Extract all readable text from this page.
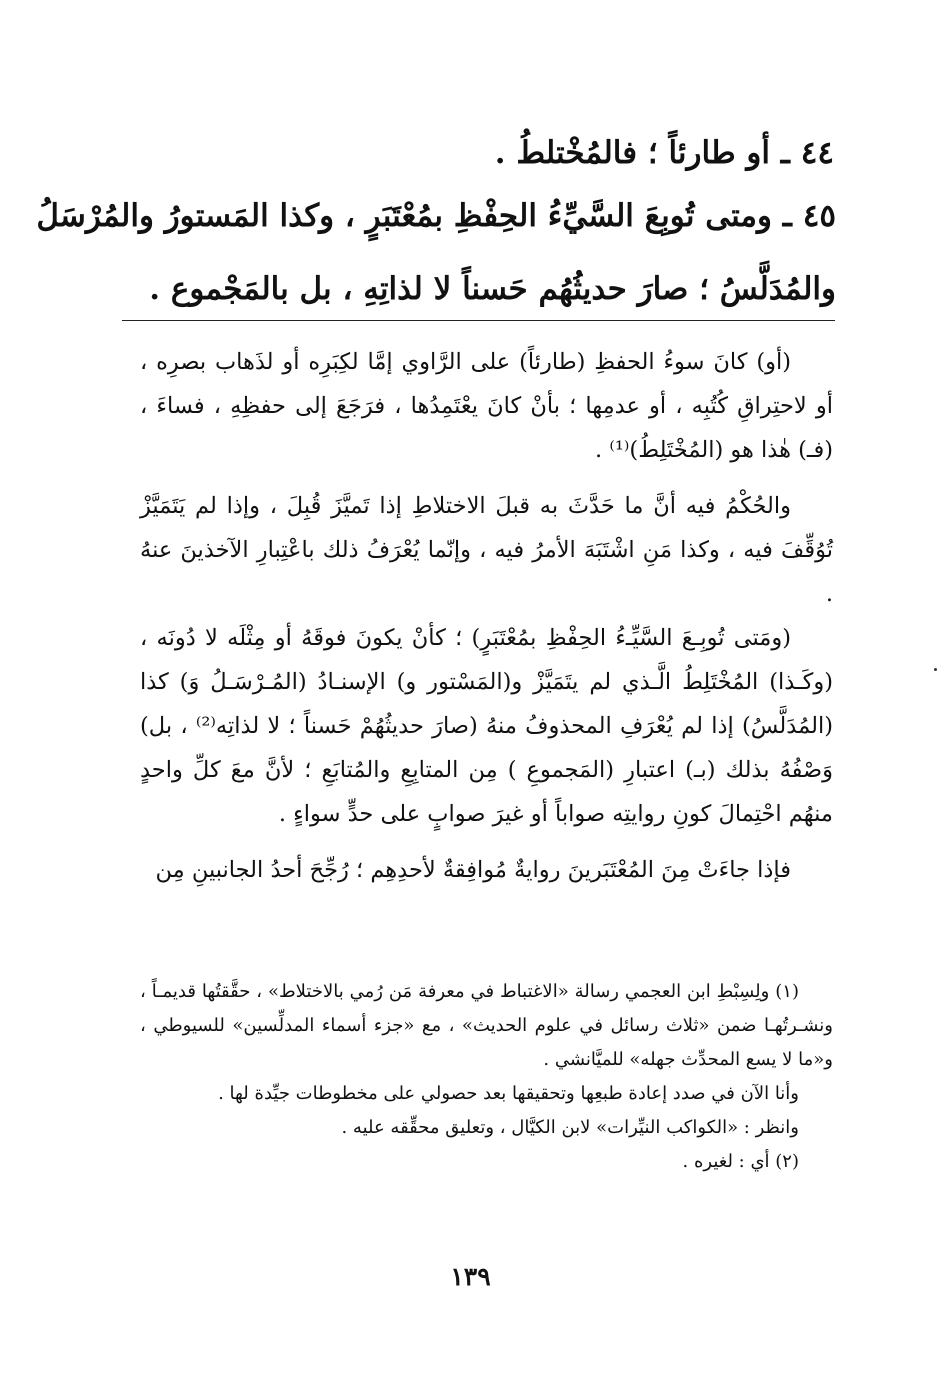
٤٤ ـ أو طارئاً ؛ فالمُخْتلطُ .
٤٥ ـ ومتى تُوبِعَ السَّيِّءُ الحِفْظِ بمُعْتَبَرٍ ، وكذا المَستورُ والمُرْسَلُ
والمُدَلَّسُ ؛ صارَ حديثُهُم حَسناً لا لذاتِهِ ، بل بالمَجْموع .

(أو) كانَ سوءُ الحفظِ (طارئاً) على الرَّاوي إمَّا لكِبَرِه أو لذَهاب بصرِه ، أو لاحتِراقِ كُتُبِه ، أو عدمِها ؛ بأنْ كانَ يعْتَمِدُها ، فرَجَعَ إلى حفظِهِ ، فساءَ ، (فـ) هٰذا هو (المُخْتَلِطُ)⁽¹⁾ .

والحُكْمُ فيه أنَّ ما حَدَّثَ به قبلَ الاختلاطِ إذا تَميَّزَ قُبِلَ ، وإذا لم يَتَمَيَّزْ تُوُقِّفَ فيه ، وكذا مَنِ اشْتَبَهَ الأمرُ فيه ، وإنّما يُعْرَفُ ذلك باعْتِبارِ الآخذينَ عنهُ .

(ومَتى تُوبِـعَ السَّيِّـءُ الحِفْظِ بمُعْتَبَرٍ) ؛ كأنْ يكونَ فوقَهُ أو مِثْلَه لا دُونَه ، (وكَـذا) المُخْتَلِطُ الَّـذي لم يتَمَيَّزْ و(المَسْتور و) الإسنـادُ (المُـرْسَـلُ وَ) كذا (المُدَلَّسُ) إذا لم يُعْرَفِ المحذوفُ منهُ (صارَ حديثُهُمْ حَسناً ؛ لا لذاتِه⁽²⁾ ، بل) وَصْفُهُ بذلك (بـ) اعتبارِ (المَجموعِ ) مِن المتابِعِ والمُتابَعِ ؛ لأنَّ معَ كلِّ واحدٍ منهُم احْتِمالَ كونِ روايتِه صواباً أو غيرَ صوابٍ على حدٍّ سواءٍ .

فإذا جاءَتْ مِنَ المُعْتَبَرينَ روايةٌ مُوافِقةٌ لأحدِهِم ؛ رُجِّحَ أحدُ الجانبينِ مِن

(١) ولِسِبْطِ ابن العجمي رسالة «الاغتباط في معرفة مَن رُمي بالاختلاط» ، حقَّقتُها قديمـاً ، ونشـرتُهـا ضمن «ثلاث رسائل في علوم الحديث» ، مع «جزء أسماء المدلِّسين» للسيوطي ، و«ما لا يسع المحدِّث جهله» للميَّانشي .

وأنا الآن في صدد إعادة طبعِها وتحقيقها بعد حصولي على مخطوطات جيِّدة لها .

وانظر : «الكواكب النيِّرات» لابن الكيَّال ، وتعليق محقِّقه عليه .

(٢) أي : لغيره .

١٣٩
